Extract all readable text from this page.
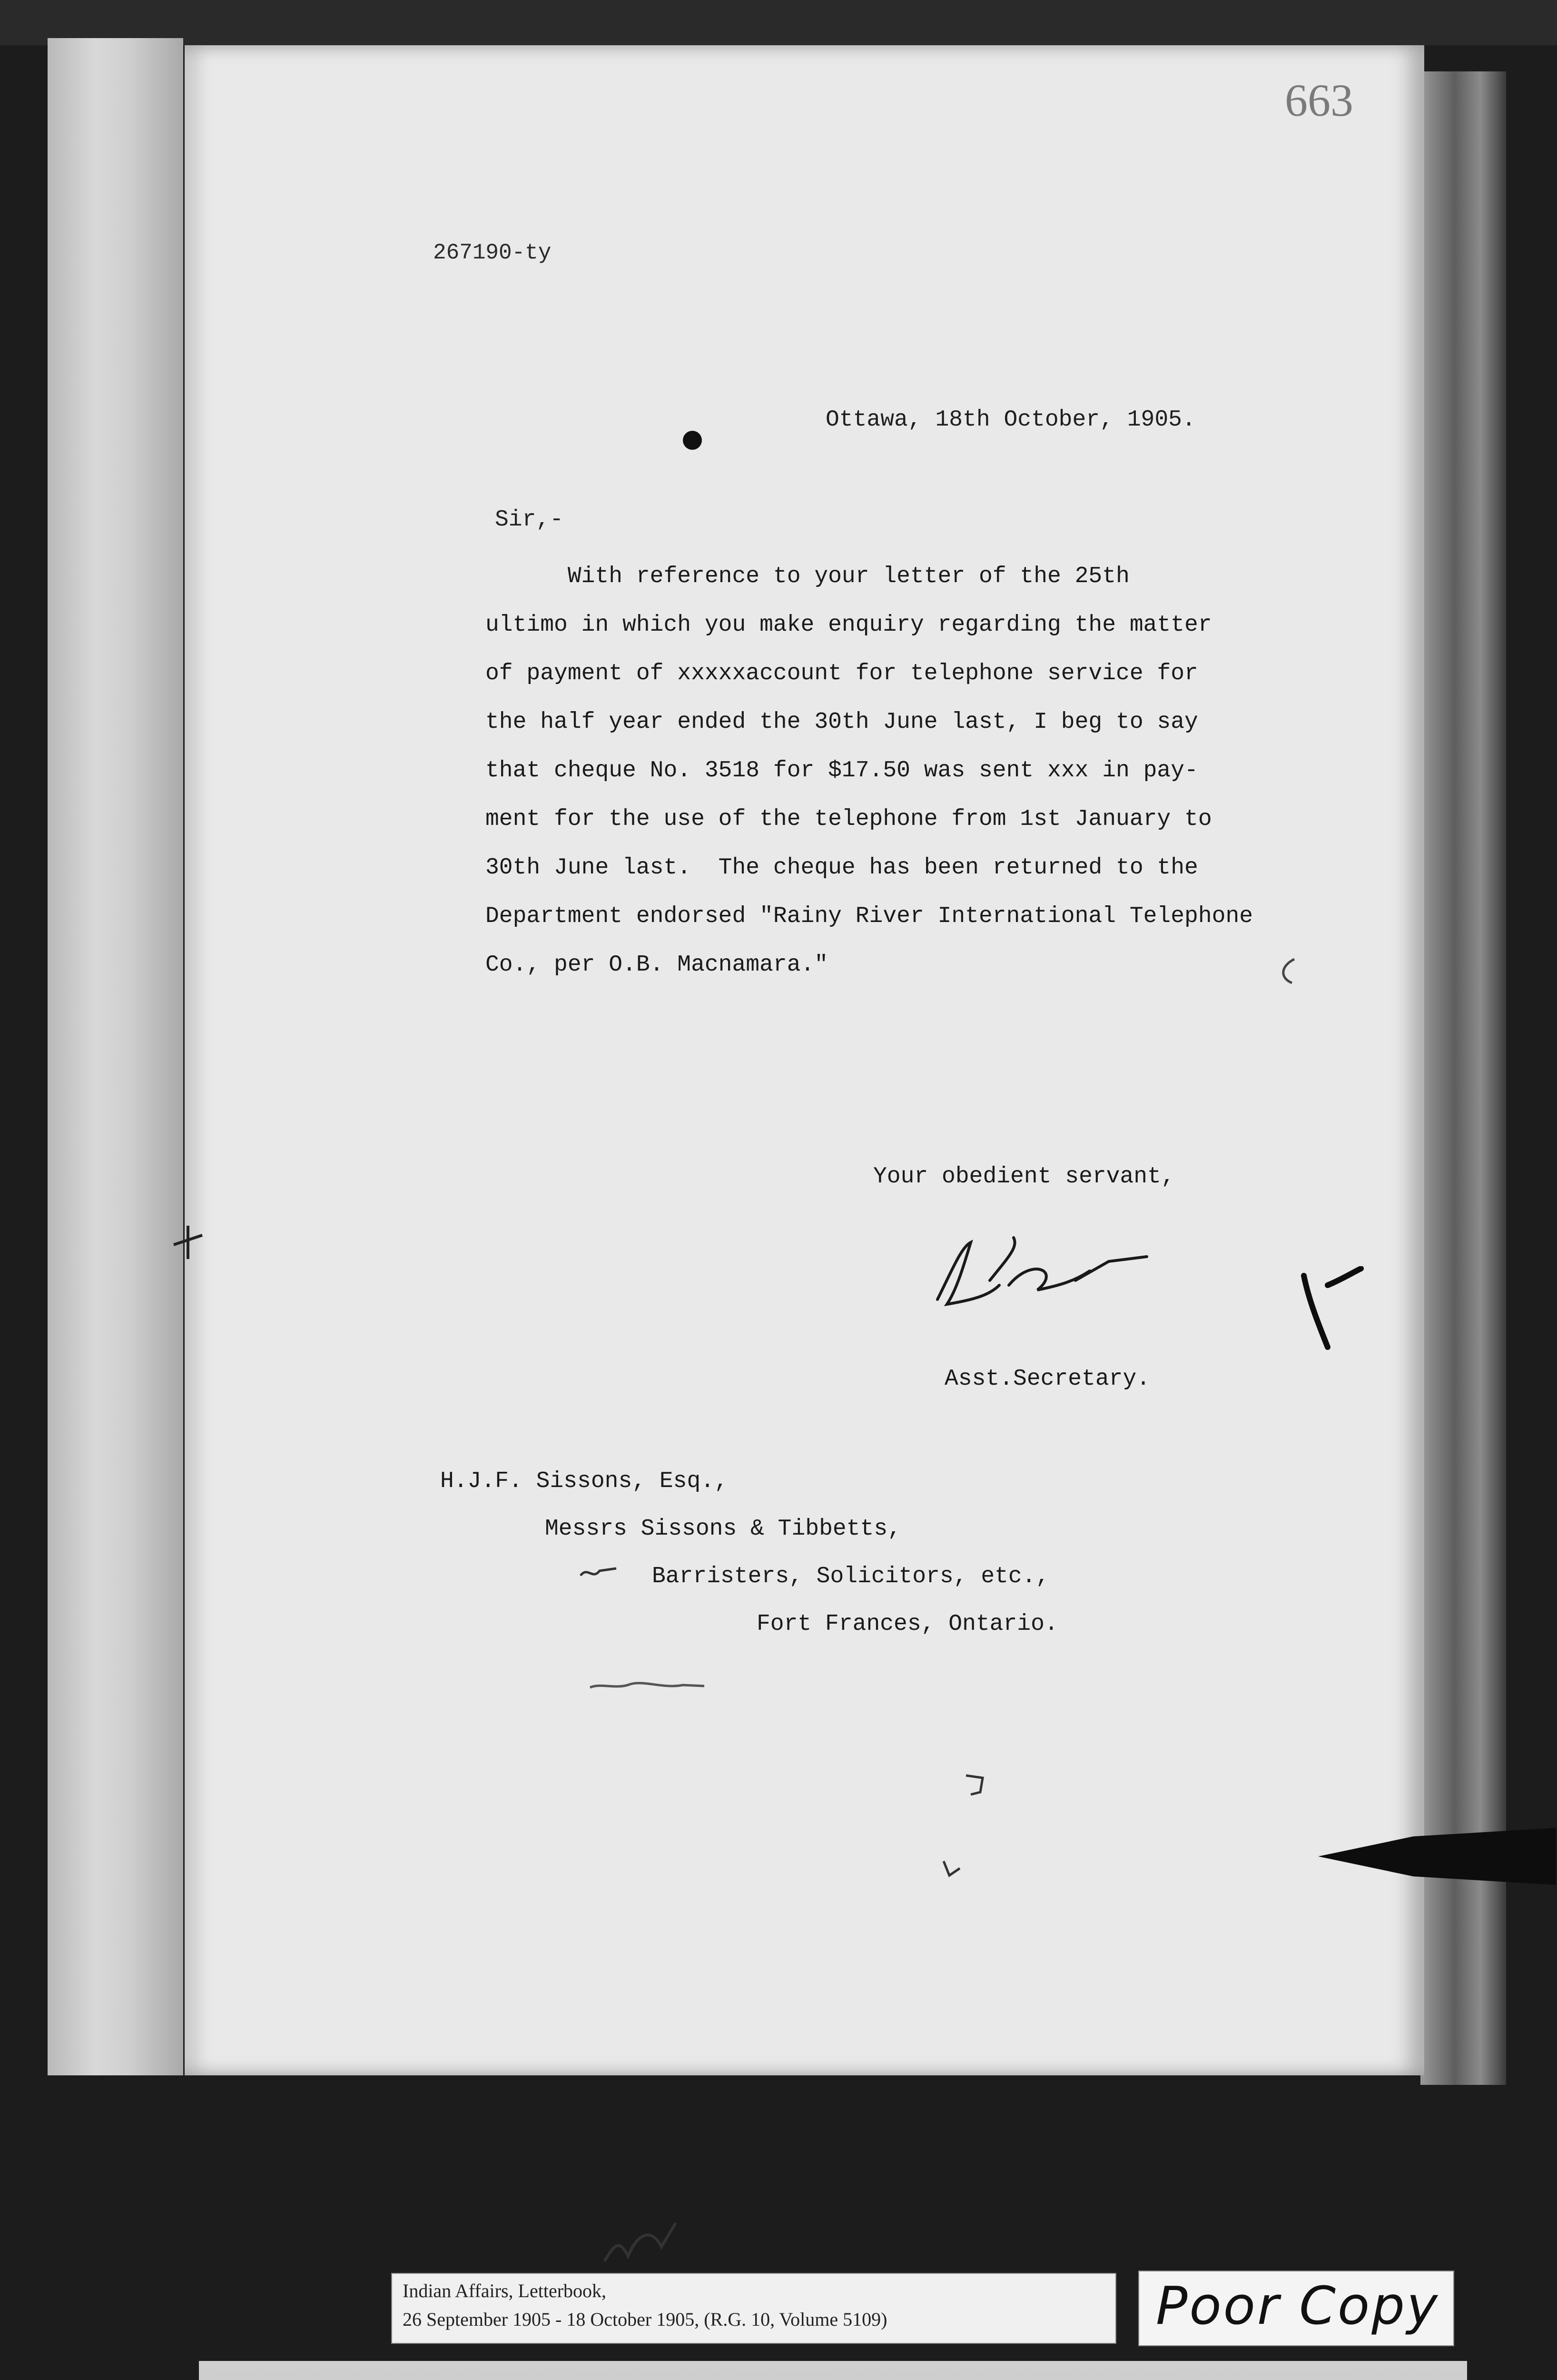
663
267190-ty
Ottawa, 18th October, 1905.
Sir,-
With reference to your letter of the 25th
ultimo in which you make enquiry regarding the matter
of payment of xxxxxaccount for telephone service for
the half year ended the 30th June last, I beg to say
that cheque No. 3518 for $17.50 was sent xxx in pay-
ment for the use of the telephone from 1st January to
30th June last.  The cheque has been returned to the
Department endorsed "Rainy River International Telephone
Co., per O.B. Macnamara."
Your obedient servant,
Asst.Secretary.
H.J.F. Sissons, Esq.,
Messrs Sissons & Tibbetts,
Barristers, Solicitors, etc.,
Fort Frances, Ontario.
Indian Affairs, Letterbook,
26 September 1905 - 18 October 1905, (R.G. 10, Volume 5109)	Poor Copy
